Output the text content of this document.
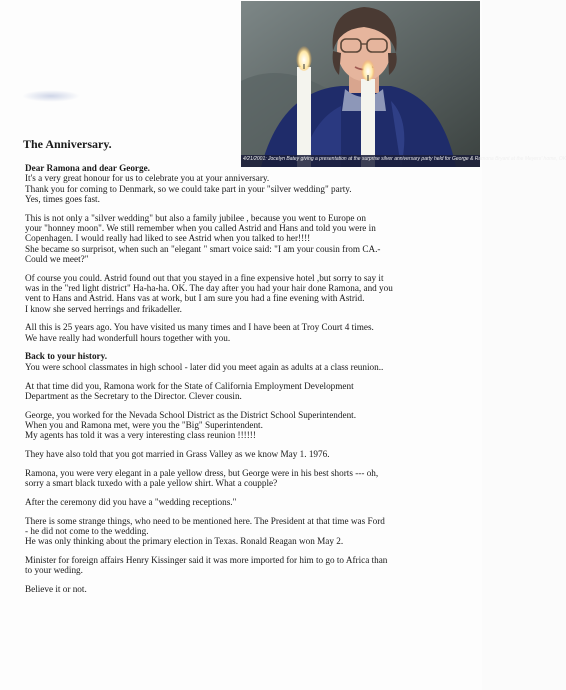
4/21/2001: Jocelyn Batey giving a presentation at the surprise silver anniversary party held for George & Ramona Bryant at the Meyers' home, OK
The Anniversary.

Dear Ramona and dear George.

It's a very great honour for us to celebrate you at your anniversary.
Thank you for coming to Denmark, so we could take part in your "silver wedding" party.
Yes, times goes fast.

This is not only a "silver wedding" but also a family jubilee , because you went to Europe on
your "honney moon". We still remember when you called Astrid and Hans and told you were in
Copenhagen. I would really had liked to see Astrid when you talked to her!!!!
She became so surprisot, when such an "elegant " smart voice said: "I am your cousin from CA.-
Could we meet?"

Of course you could. Astrid found out that you stayed in a fine expensive hotel ,but sorry to say it
was in the "red light district" Ha-ha-ha. OK. The day after you had your hair done Ramona, and you
vent to Hans and Astrid. Hans vas at work, but I am sure you had a fine evening with Astrid.
I know she served herrings and frikadeller.

All this is 25 years ago. You have visited us many times and I have been at Troy Court 4 times.
We have really had wonderfull hours together with you.

Back to your history.

You were school classmates in high school - later did you meet again as adults at a class reunion..

At that time did you, Ramona work for the State of California Employment Development
Department as the Secretary to the Director. Clever cousin.

George, you worked for the Nevada School District as the District School Superintendent.
When you and Ramona met, were you the "Big" Superintendent.
My agents has told it was a very interesting class reunion !!!!!!

They have also told that you got married in Grass Valley as we know May 1. 1976.

Ramona, you were very elegant in a pale yellow dress, but George were in his best shorts --- oh,
sorry a smart black tuxedo with a pale yellow shirt. What a coupple?

After the ceremony did you have a "wedding receptions."

There is some strange things, who need to be mentioned here. The President at that time was Ford
- he did not come to the wedding.
He was only thinking about the primary election in Texas. Ronald Reagan won May 2.

Minister for foreign affairs Henry Kissinger said it was more imported for him to go to Africa than
to your weding.

Believe it or not.
